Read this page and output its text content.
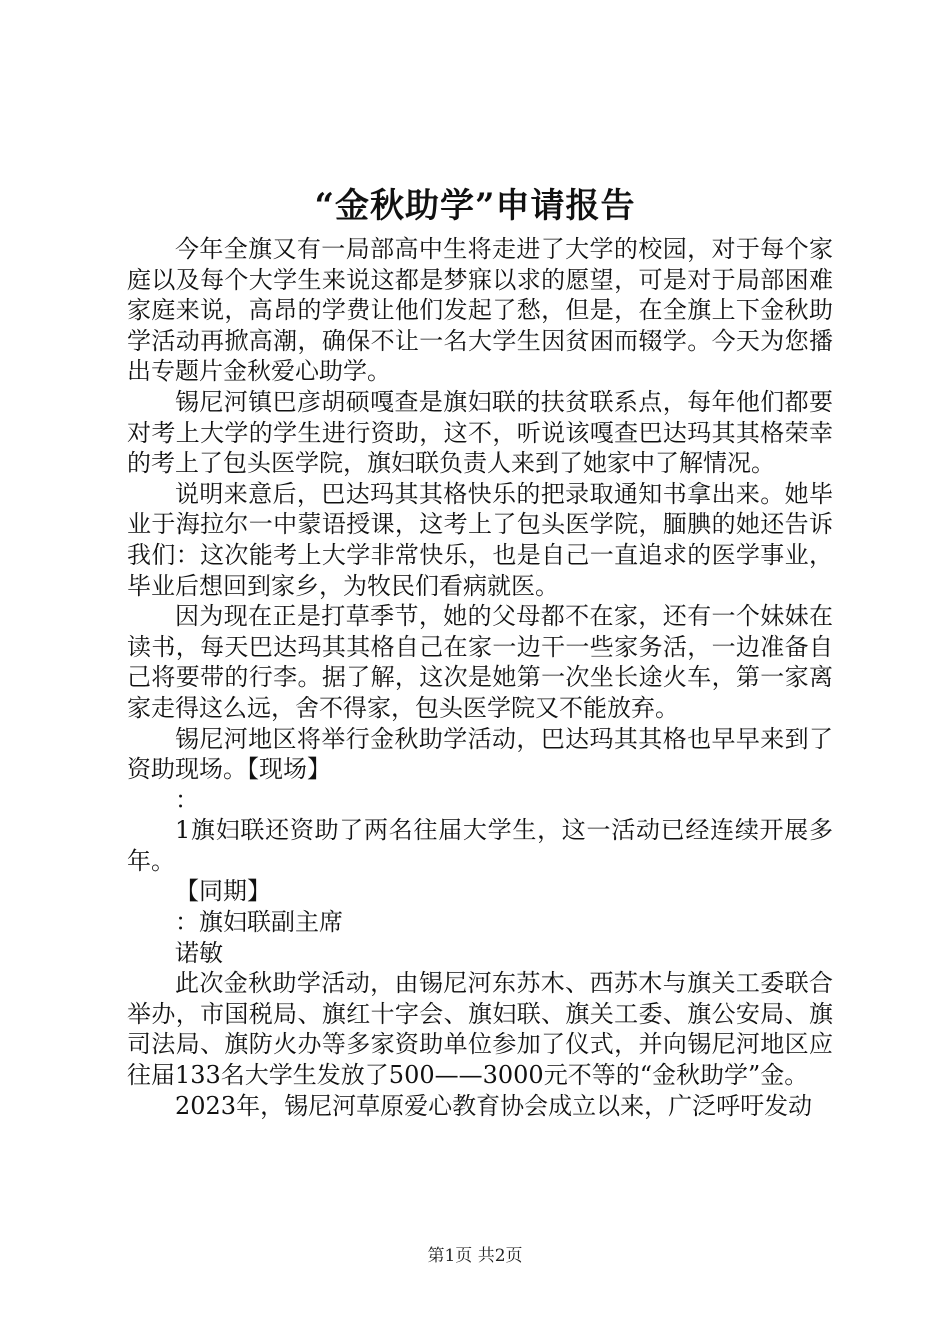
“金秋助学”申请报告

今年全旗又有一局部高中生将走进了大学的校园，对于每个家庭以及每个大学生来说这都是梦寐以求的愿望，可是对于局部困难家庭来说，高昂的学费让他们发起了愁，但是，在全旗上下金秋助学活动再掀高潮，确保不让一名大学生因贫困而辍学。今天为您播出专题片金秋爱心助学。

锡尼河镇巴彦胡硕嘎查是旗妇联的扶贫联系点，每年他们都要对考上大学的学生进行资助，这不，听说该嘎查巴达玛其其格荣幸的考上了包头医学院，旗妇联负责人来到了她家中了解情况。

说明来意后，巴达玛其其格快乐的把录取通知书拿出来。她毕业于海拉尔一中蒙语授课，这考上了包头医学院，腼腆的她还告诉我们：这次能考上大学非常快乐，也是自己一直追求的医学事业，毕业后想回到家乡，为牧民们看病就医。

因为现在正是打草季节，她的父母都不在家，还有一个妹妹在读书，每天巴达玛其其格自己在家一边干一些家务活，一边准备自己将要带的行李。据了解，这次是她第一次坐长途火车，第一家离家走得这么远，舍不得家，包头医学院又不能放弃。

锡尼河地区将举行金秋助学活动，巴达玛其其格也早早来到了资助现场。【现场】

：

1旗妇联还资助了两名往届大学生，这一活动已经连续开展多年。

【同期】

：旗妇联副主席

诺敏

此次金秋助学活动，由锡尼河东苏木、西苏木与旗关工委联合举办，市国税局、旗红十字会、旗妇联、旗关工委、旗公安局、旗司法局、旗防火办等多家资助单位参加了仪式，并向锡尼河地区应往届133名大学生发放了500——3000元不等的“金秋助学”金。

2023年，锡尼河草原爱心教育协会成立以来，广泛呼吁发动

第1页 共2页
